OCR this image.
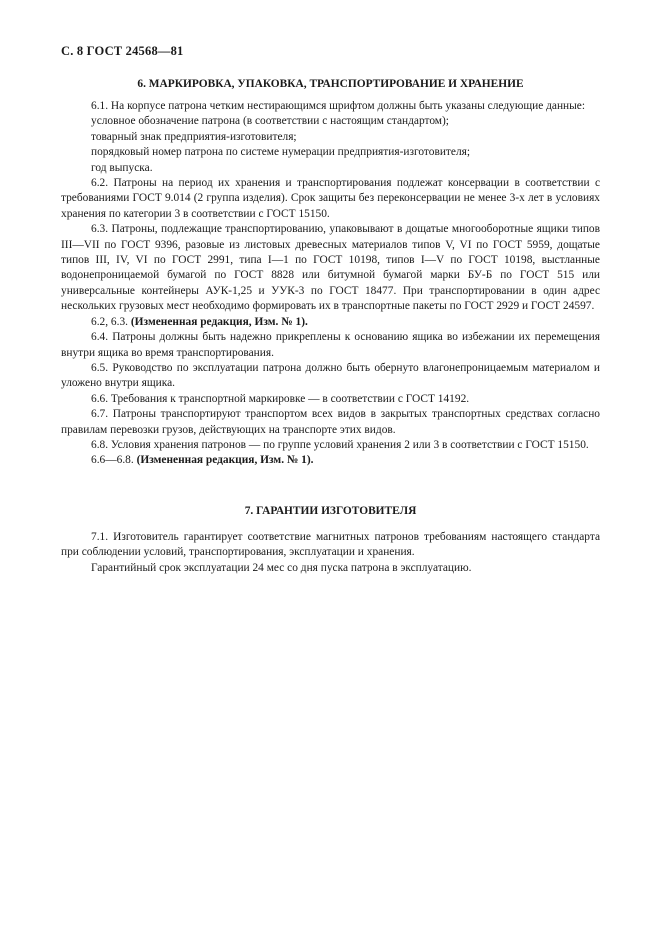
С. 8 ГОСТ 24568—81
6. МАРКИРОВКА, УПАКОВКА, ТРАНСПОРТИРОВАНИЕ И ХРАНЕНИЕ

6.1. На корпусе патрона четким нестирающимся шрифтом должны быть указаны следующие данные:

условное обозначение патрона (в соответствии с настоящим стандартом);

товарный знак предприятия-изготовителя;

порядковый номер патрона по системе нумерации предприятия-изготовителя;

год выпуска.

6.2. Патроны на период их хранения и транспортирования подлежат консервации в соответствии с требованиями ГОСТ 9.014 (2 группа изделия). Срок защиты без переконсервации не менее 3-х лет в условиях хранения по категории 3 в соответствии с ГОСТ 15150.

6.3. Патроны, подлежащие транспортированию, упаковывают в дощатые многооборотные ящики типов III—VII по ГОСТ 9396, разовые из листовых древесных материалов типов V, VI по ГОСТ 5959, дощатые типов III, IV, VI по ГОСТ 2991, типа I—1 по ГОСТ 10198, типов I—V по ГОСТ 10198, выстланные водонепроницаемой бумагой по ГОСТ 8828 или битумной бумагой марки БУ-Б по ГОСТ 515 или универсальные контейнеры АУК-1,25 и УУК-3 по ГОСТ 18477. При транспортировании в один адрес нескольких грузовых мест необходимо формировать их в транспортные пакеты по ГОСТ 2929 и ГОСТ 24597.

6.2, 6.3. (Измененная редакция, Изм. № 1).

6.4. Патроны должны быть надежно прикреплены к основанию ящика во избежании их перемещения внутри ящика во время транспортирования.

6.5. Руководство по эксплуатации патрона должно быть обернуто влагонепроницаемым материалом и уложено внутри ящика.

6.6. Требования к транспортной маркировке — в соответствии с ГОСТ 14192.

6.7. Патроны транспортируют транспортом всех видов в закрытых транспортных средствах согласно правилам перевозки грузов, действующих на транспорте этих видов.

6.8. Условия хранения патронов — по группе условий хранения 2 или 3 в соответствии с ГОСТ 15150.

6.6—6.8. (Измененная редакция, Изм. № 1).

7. ГАРАНТИИ ИЗГОТОВИТЕЛЯ

7.1. Изготовитель гарантирует соответствие магнитных патронов требованиям настоящего стандарта при соблюдении условий, транспортирования, эксплуатации и хранения.

Гарантийный срок эксплуатации 24 мес со дня пуска патрона в эксплуатацию.
